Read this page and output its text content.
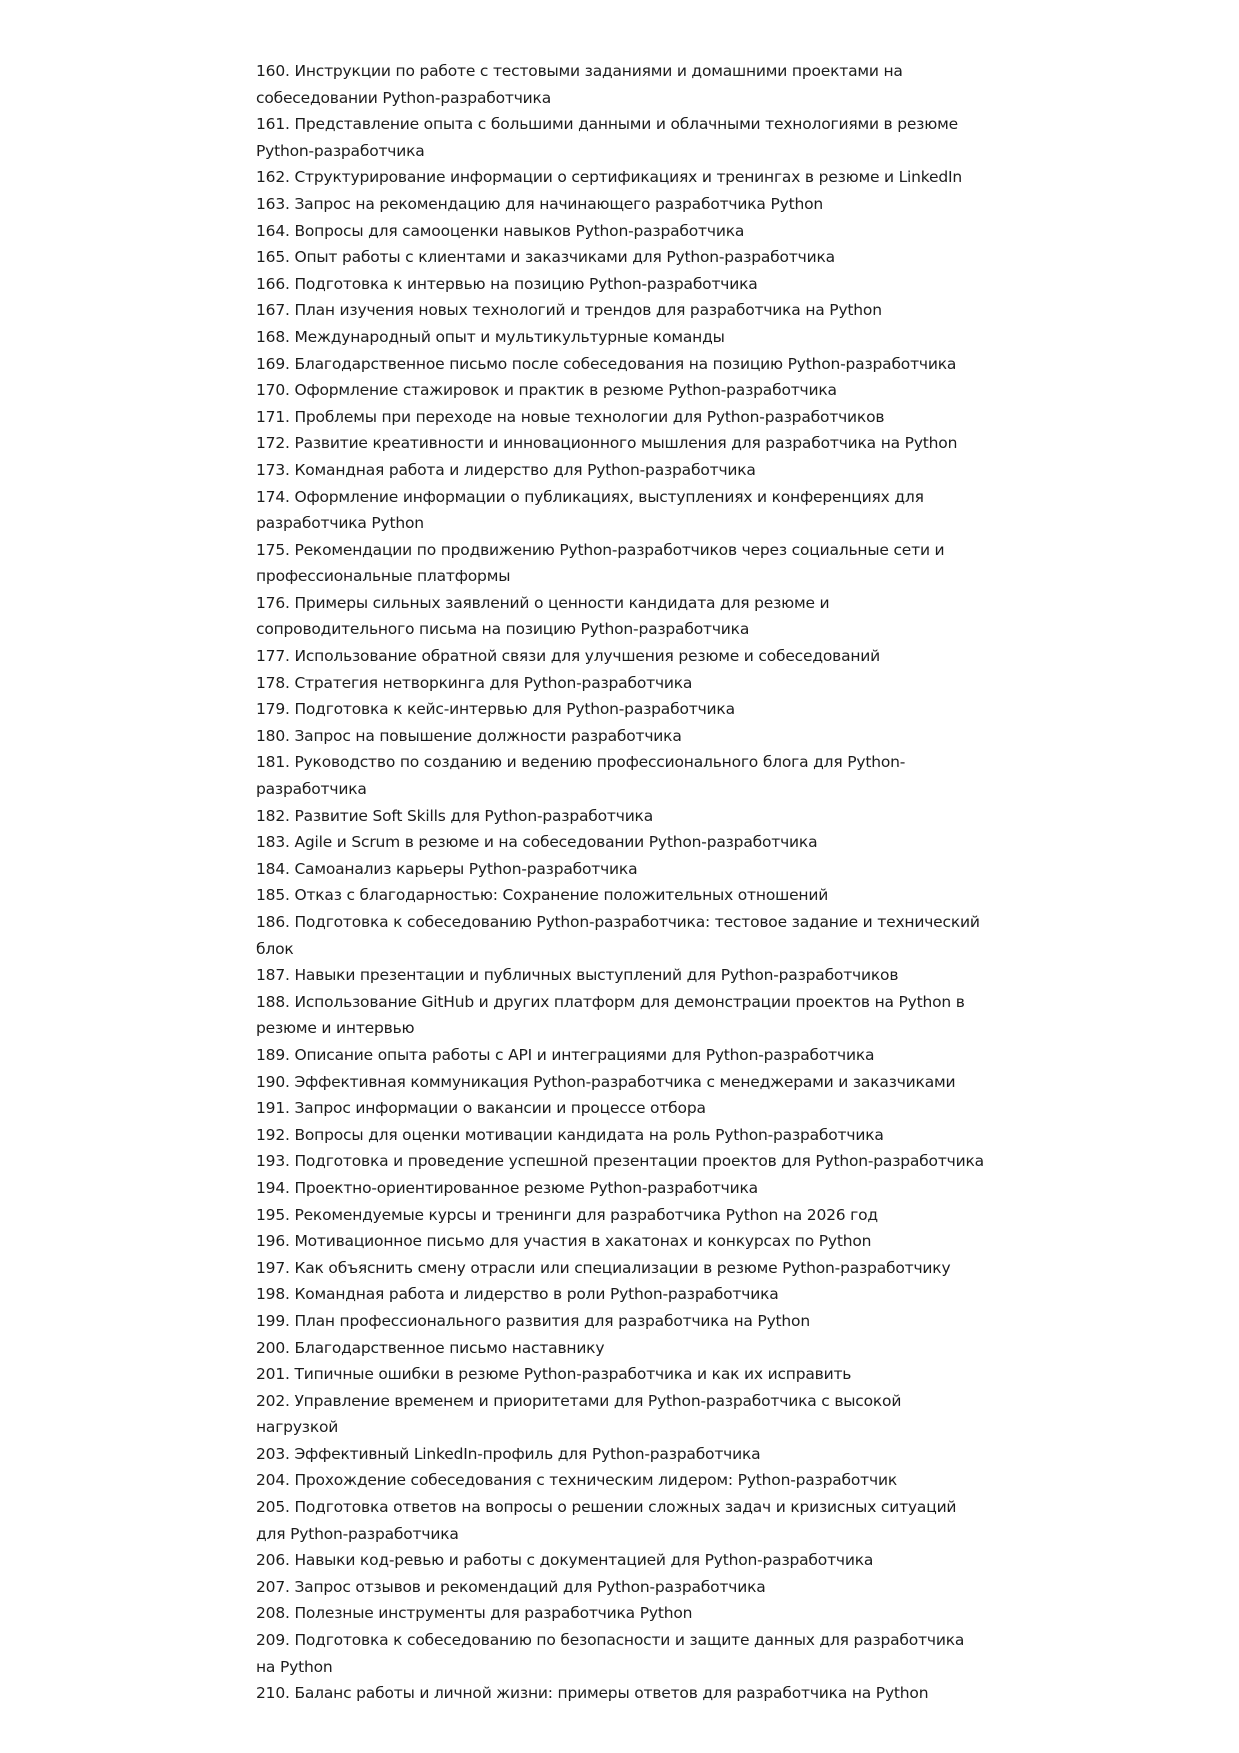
160. Инструкции по работе с тестовыми заданиями и домашними проектами на собеседовании Python-разработчика
161. Представление опыта с большими данными и облачными технологиями в резюме Python-разработчика
162. Структурирование информации о сертификациях и тренингах в резюме и LinkedIn
163. Запрос на рекомендацию для начинающего разработчика Python
164. Вопросы для самооценки навыков Python-разработчика
165. Опыт работы с клиентами и заказчиками для Python-разработчика
166. Подготовка к интервью на позицию Python-разработчика
167. План изучения новых технологий и трендов для разработчика на Python
168. Международный опыт и мультикультурные команды
169. Благодарственное письмо после собеседования на позицию Python-разработчика
170. Оформление стажировок и практик в резюме Python-разработчика
171. Проблемы при переходе на новые технологии для Python-разработчиков
172. Развитие креативности и инновационного мышления для разработчика на Python
173. Командная работа и лидерство для Python-разработчика
174. Оформление информации о публикациях, выступлениях и конференциях для разработчика Python
175. Рекомендации по продвижению Python-разработчиков через социальные сети и профессиональные платформы
176. Примеры сильных заявлений о ценности кандидата для резюме и сопроводительного письма на позицию Python-разработчика
177. Использование обратной связи для улучшения резюме и собеседований
178. Стратегия нетворкинга для Python-разработчика
179. Подготовка к кейс-интервью для Python-разработчика
180. Запрос на повышение должности разработчика
181. Руководство по созданию и ведению профессионального блога для Python-разработчика
182. Развитие Soft Skills для Python-разработчика
183. Agile и Scrum в резюме и на собеседовании Python-разработчика
184. Самоанализ карьеры Python-разработчика
185. Отказ с благодарностью: Сохранение положительных отношений
186. Подготовка к собеседованию Python-разработчика: тестовое задание и технический блок
187. Навыки презентации и публичных выступлений для Python-разработчиков
188. Использование GitHub и других платформ для демонстрации проектов на Python в резюме и интервью
189. Описание опыта работы с API и интеграциями для Python-разработчика
190. Эффективная коммуникация Python-разработчика с менеджерами и заказчиками
191. Запрос информации о вакансии и процессе отбора
192. Вопросы для оценки мотивации кандидата на роль Python-разработчика
193. Подготовка и проведение успешной презентации проектов для Python-разработчика
194. Проектно-ориентированное резюме Python-разработчика
195. Рекомендуемые курсы и тренинги для разработчика Python на 2026 год
196. Мотивационное письмо для участия в хакатонах и конкурсах по Python
197. Как объяснить смену отрасли или специализации в резюме Python-разработчику
198. Командная работа и лидерство в роли Python-разработчика
199. План профессионального развития для разработчика на Python
200. Благодарственное письмо наставнику
201. Типичные ошибки в резюме Python-разработчика и как их исправить
202. Управление временем и приоритетами для Python-разработчика с высокой нагрузкой
203. Эффективный LinkedIn-профиль для Python-разработчика
204. Прохождение собеседования с техническим лидером: Python-разработчик
205. Подготовка ответов на вопросы о решении сложных задач и кризисных ситуаций для Python-разработчика
206. Навыки код-ревью и работы с документацией для Python-разработчика
207. Запрос отзывов и рекомендаций для Python-разработчика
208. Полезные инструменты для разработчика Python
209. Подготовка к собеседованию по безопасности и защите данных для разработчика на Python
210. Баланс работы и личной жизни: примеры ответов для разработчика на Python
